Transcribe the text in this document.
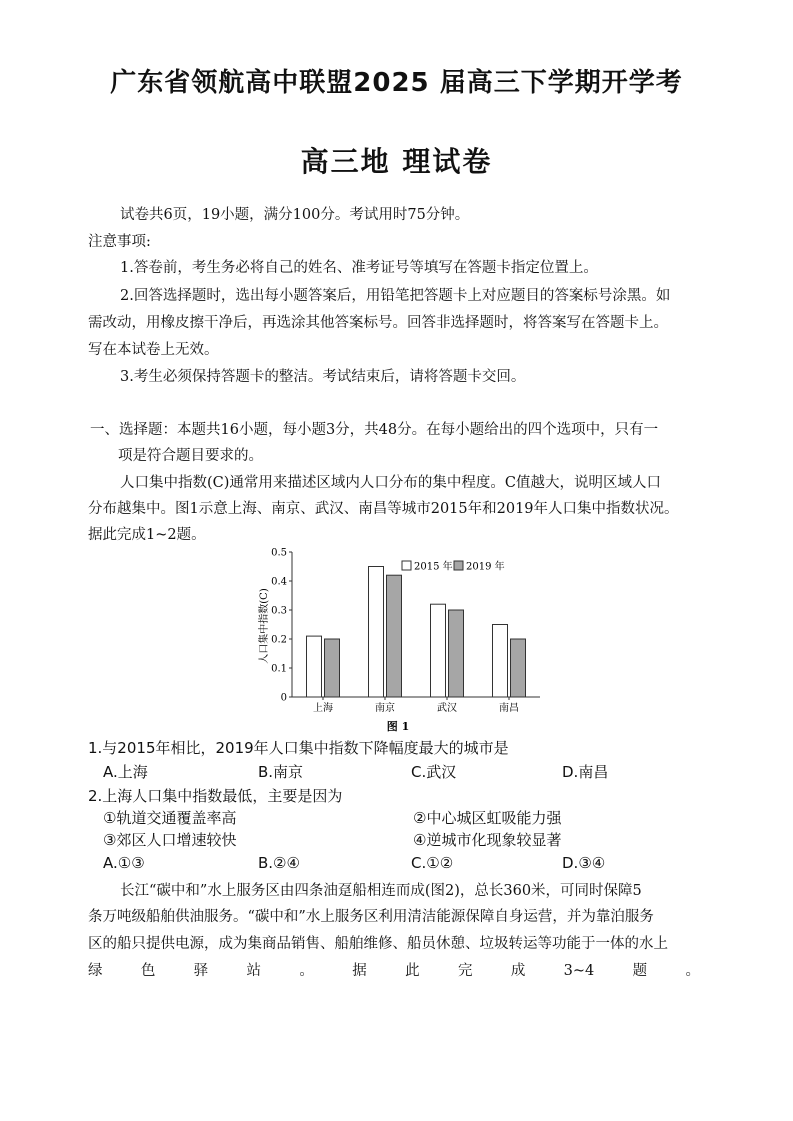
广东省领航高中联盟2025 届高三下学期开学考
高三地 理试卷
试卷共6页，19小题，满分100分。考试用时75分钟。
注意事项:
1.答卷前，考生务必将自己的姓名、准考证号等填写在答题卡指定位置上。
2.回答选择题时，选出每小题答案后，用铅笔把答题卡上对应题目的答案标号涂黑。如
需改动，用橡皮擦干净后，再选涂其他答案标号。回答非选择题时，将答案写在答题卡上。
写在本试卷上无效。
3.考生必须保持答题卡的整洁。考试结束后，请将答题卡交回。
一、选择题：本题共16小题，每小题3分，共48分。在每小题给出的四个选项中，只有一
项是符合题目要求的。
人口集中指数(C)通常用来描述区域内人口分布的集中程度。C值越大，说明区域人口
分布越集中。图1示意上海、南京、武汉、南昌等城市2015年和2019年人口集中指数状况。
据此完成1~2题。
0
0.1
0.2
0.3
0.4
0.5
上海	南京	武汉	南昌
2015 年 2019 年
人口集中指数(C)
图 1
1.与2015年相比，2019年人口集中指数下降幅度最大的城市是
A.上海	B.南京	C.武汉	D.南昌
2.上海人口集中指数最低，主要是因为
①轨道交通覆盖率高	②中心城区虹吸能力强
③郊区人口增速较快	④逆城市化现象较显著
A.①③	B.②④	C.①②	D.③④
长江“碳中和”水上服务区由四条油趸船相连而成(图2)，总长360米，可同时保障5
条万吨级船舶供油服务。“碳中和”水上服务区利用清洁能源保障自身运营，并为靠泊服务
区的船只提供电源，成为集商品销售、船舶维修、船员休憩、垃圾转运等功能于一体的水上
绿色驿站。据此完成3~4题。
